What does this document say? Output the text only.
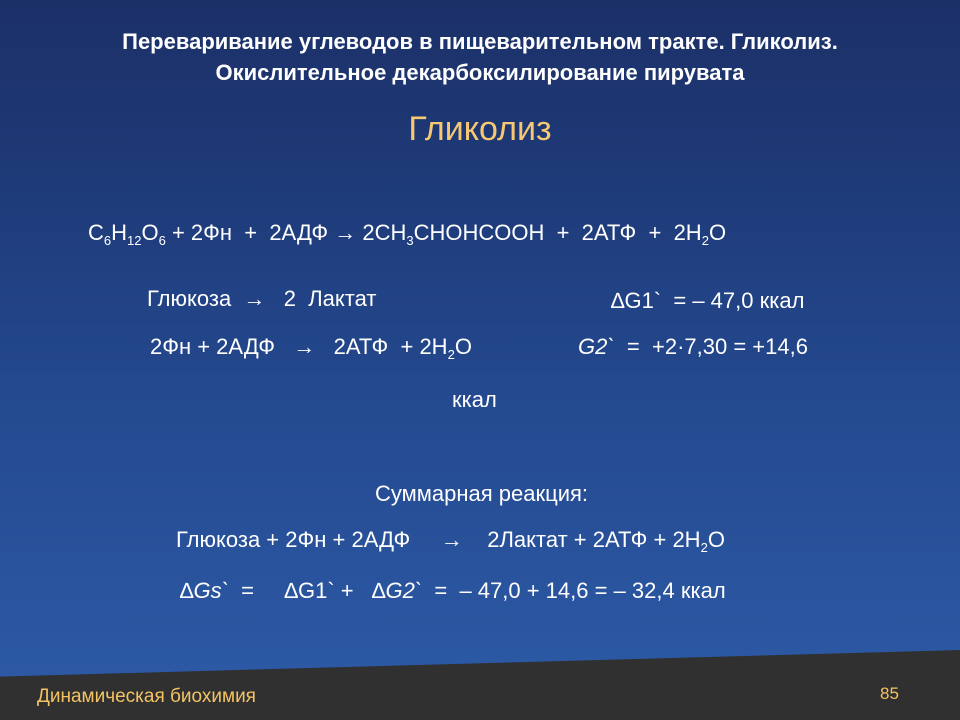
Переваривание углеводов в пищеварительном тракте. Гликолиз.
Окислительное декарбоксилирование пирувата
Гликолиз
$C_6H_{12}O_6 + 2Фн + 2АДФ$ → $2CH_3CHOHCOOH + 2АТФ + 2H_2O$
Глюкоза  →   2  Лактат	∆G1`  = – 47,0 ккал
$2Фн + 2АДФ \to 2АТФ + 2H_2O$	G2`  =  +2·7,30 = +14,6
ккал
Суммарная реакция:
Глюкоза + 2Фн + 2АДФ     →    2Лактат + $2АТФ + 2H_2O$
∆Gs`  =     ∆G1` +   ∆G2`  =  – 47,0 + 14,6 = – 32,4 ккал
Динамическая биохимия	85
